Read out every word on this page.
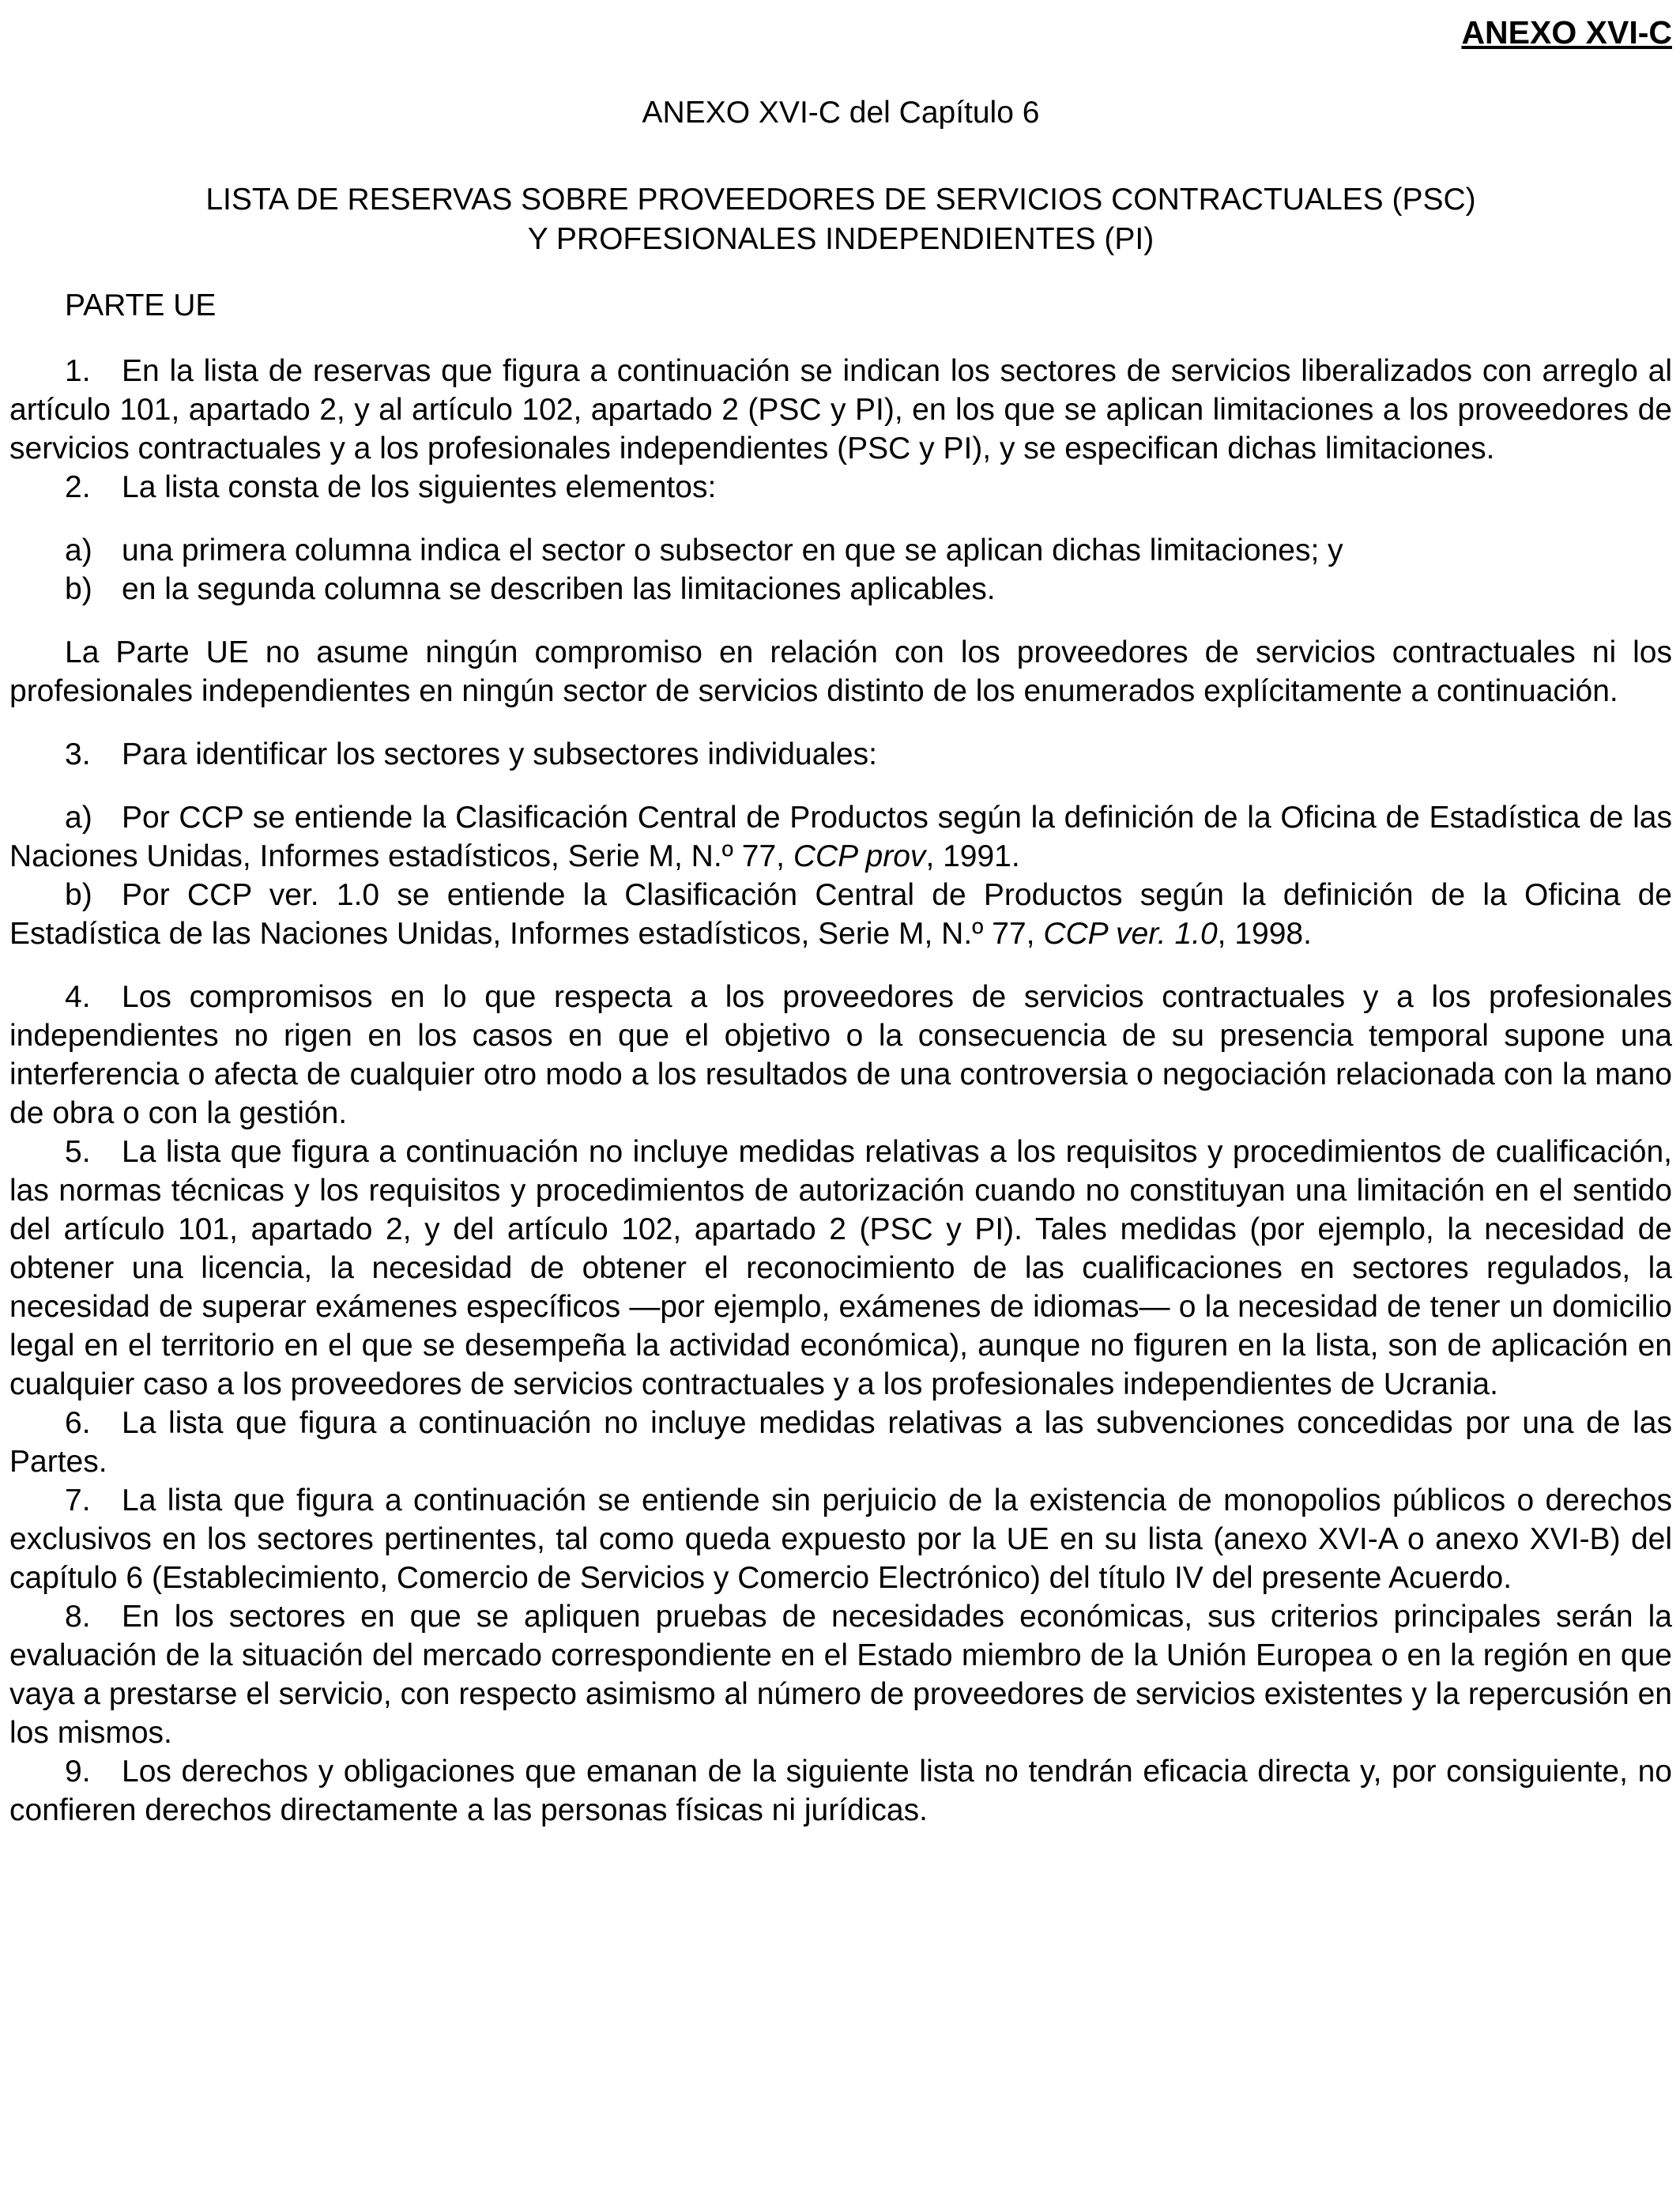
ANEXO XVI-C

ANEXO XVI-C del Capítulo 6

LISTA DE RESERVAS SOBRE PROVEEDORES DE SERVICIOS CONTRACTUALES (PSC)

Y PROFESIONALES INDEPENDIENTES (PI)

PARTE UE

1. En la lista de reservas que figura a continuación se indican los sectores de servicios liberalizados con arreglo al artículo 101, apartado 2, y al artículo 102, apartado 2 (PSC y PI), en los que se aplican limitaciones a los proveedores de servicios contractuales y a los profesionales independientes (PSC y PI), y se especifican dichas limitaciones.

2. La lista consta de los siguientes elementos:

a) una primera columna indica el sector o subsector en que se aplican dichas limitaciones; y

b) en la segunda columna se describen las limitaciones aplicables.

La Parte UE no asume ningún compromiso en relación con los proveedores de servicios contractuales ni los profesionales independientes en ningún sector de servicios distinto de los enumerados explícitamente a continuación.

3. Para identificar los sectores y subsectores individuales:

a) Por CCP se entiende la Clasificación Central de Productos según la definición de la Oficina de Estadística de las Naciones Unidas, Informes estadísticos, Serie M, N.º 77, CCP prov, 1991.

b) Por CCP ver. 1.0 se entiende la Clasificación Central de Productos según la definición de la Oficina de Estadística de las Naciones Unidas, Informes estadísticos, Serie M, N.º 77, CCP ver. 1.0, 1998.

4. Los compromisos en lo que respecta a los proveedores de servicios contractuales y a los profesionales independientes no rigen en los casos en que el objetivo o la consecuencia de su presencia temporal supone una interferencia o afecta de cualquier otro modo a los resultados de una controversia o negociación relacionada con la mano de obra o con la gestión.

5. La lista que figura a continuación no incluye medidas relativas a los requisitos y procedimientos de cualificación, las normas técnicas y los requisitos y procedimientos de autorización cuando no constituyan una limitación en el sentido del artículo 101, apartado 2, y del artículo 102, apartado 2 (PSC y PI). Tales medidas (por ejemplo, la necesidad de obtener una licencia, la necesidad de obtener el reconocimiento de las cualificaciones en sectores regulados, la necesidad de superar exámenes específicos —por ejemplo, exámenes de idiomas— o la necesidad de tener un domicilio legal en el territorio en el que se desempeña la actividad económica), aunque no figuren en la lista, son de aplicación en cualquier caso a los proveedores de servicios contractuales y a los profesionales independientes de Ucrania.

6. La lista que figura a continuación no incluye medidas relativas a las subvenciones concedidas por una de las Partes.

7. La lista que figura a continuación se entiende sin perjuicio de la existencia de monopolios públicos o derechos exclusivos en los sectores pertinentes, tal como queda expuesto por la UE en su lista (anexo XVI-A o anexo XVI-B) del capítulo 6 (Establecimiento, Comercio de Servicios y Comercio Electrónico) del título IV del presente Acuerdo.

8. En los sectores en que se apliquen pruebas de necesidades económicas, sus criterios principales serán la evaluación de la situación del mercado correspondiente en el Estado miembro de la Unión Europea o en la región en que vaya a prestarse el servicio, con respecto asimismo al número de proveedores de servicios existentes y la repercusión en los mismos.

9. Los derechos y obligaciones que emanan de la siguiente lista no tendrán eficacia directa y, por consiguiente, no confieren derechos directamente a las personas físicas ni jurídicas.
